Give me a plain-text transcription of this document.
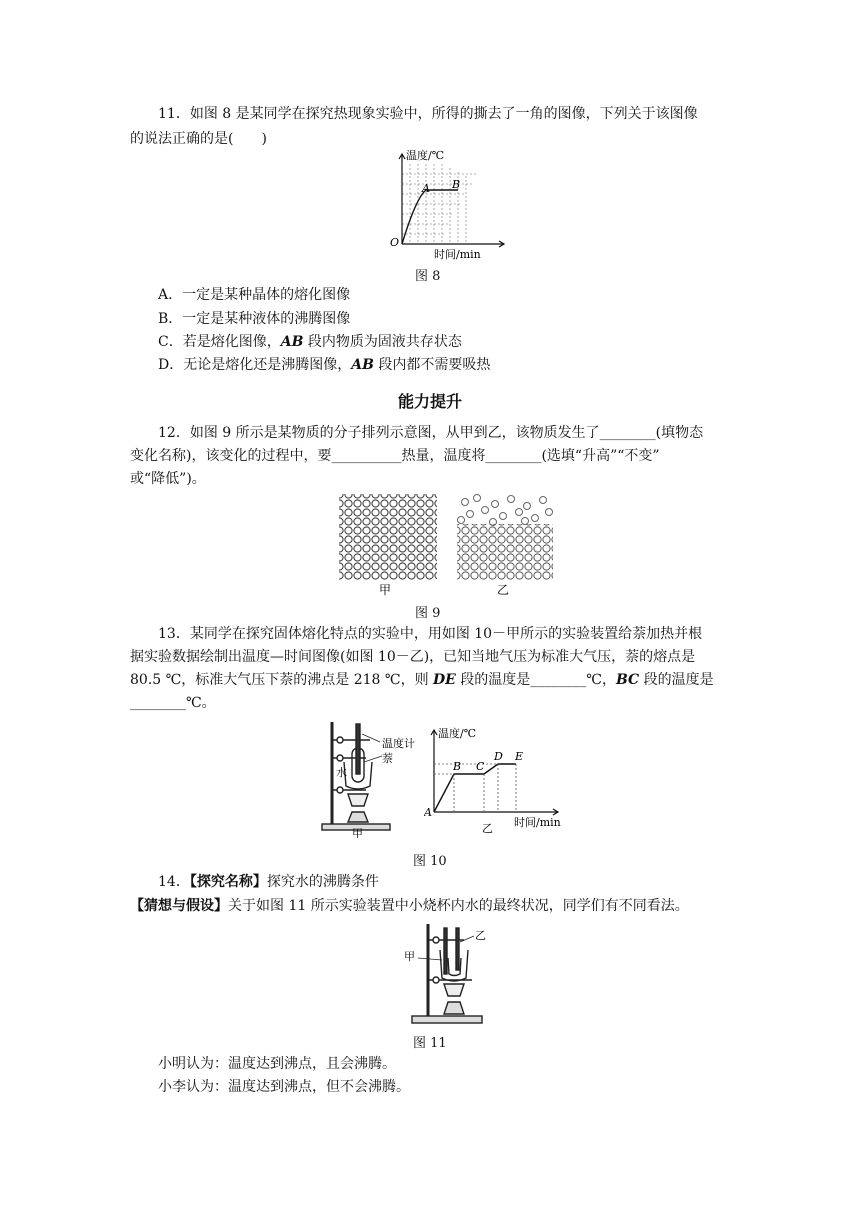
11．如图 8 是某同学在探究热现象实验中，所得的撕去了一角的图像，下列关于该图像
的说法正确的是(　　)
温度/℃
A B
O
时间/min
图 8
A．一定是某种晶体的熔化图像
B．一定是某种液体的沸腾图像
C．若是熔化图像，AB 段内物质为固液共存状态
D．无论是熔化还是沸腾图像，AB 段内都不需要吸热
能力提升
12．如图 9 所示是某物质的分子排列示意图，从甲到乙，该物质发生了________(填物态
变化名称)，该变化的过程中，要__________热量，温度将________(选填“升高”“不变”
或“降低”)。
甲	乙
图 9
13．某同学在探究固体熔化特点的实验中，用如图 10－甲所示的实验装置给萘加热并根
据实验数据绘制出温度—时间图像(如图 10－乙)，已知当地气压为标准大气压，萘的熔点是
80.5 ℃，标准大气压下萘的沸点是 218 ℃，则 DE 段的温度是________℃，BC 段的温度是
________℃。
温度计
水
萘
甲
温度/℃
A
B C
D E
时间/min
乙
图 10
14．【探究名称】探究水的沸腾条件
【猜想与假设】关于如图 11 所示实验装置中小烧杯内水的最终状况，同学们有不同看法。
甲
乙
图 11
小明认为：温度达到沸点，且会沸腾。
小李认为：温度达到沸点，但不会沸腾。
